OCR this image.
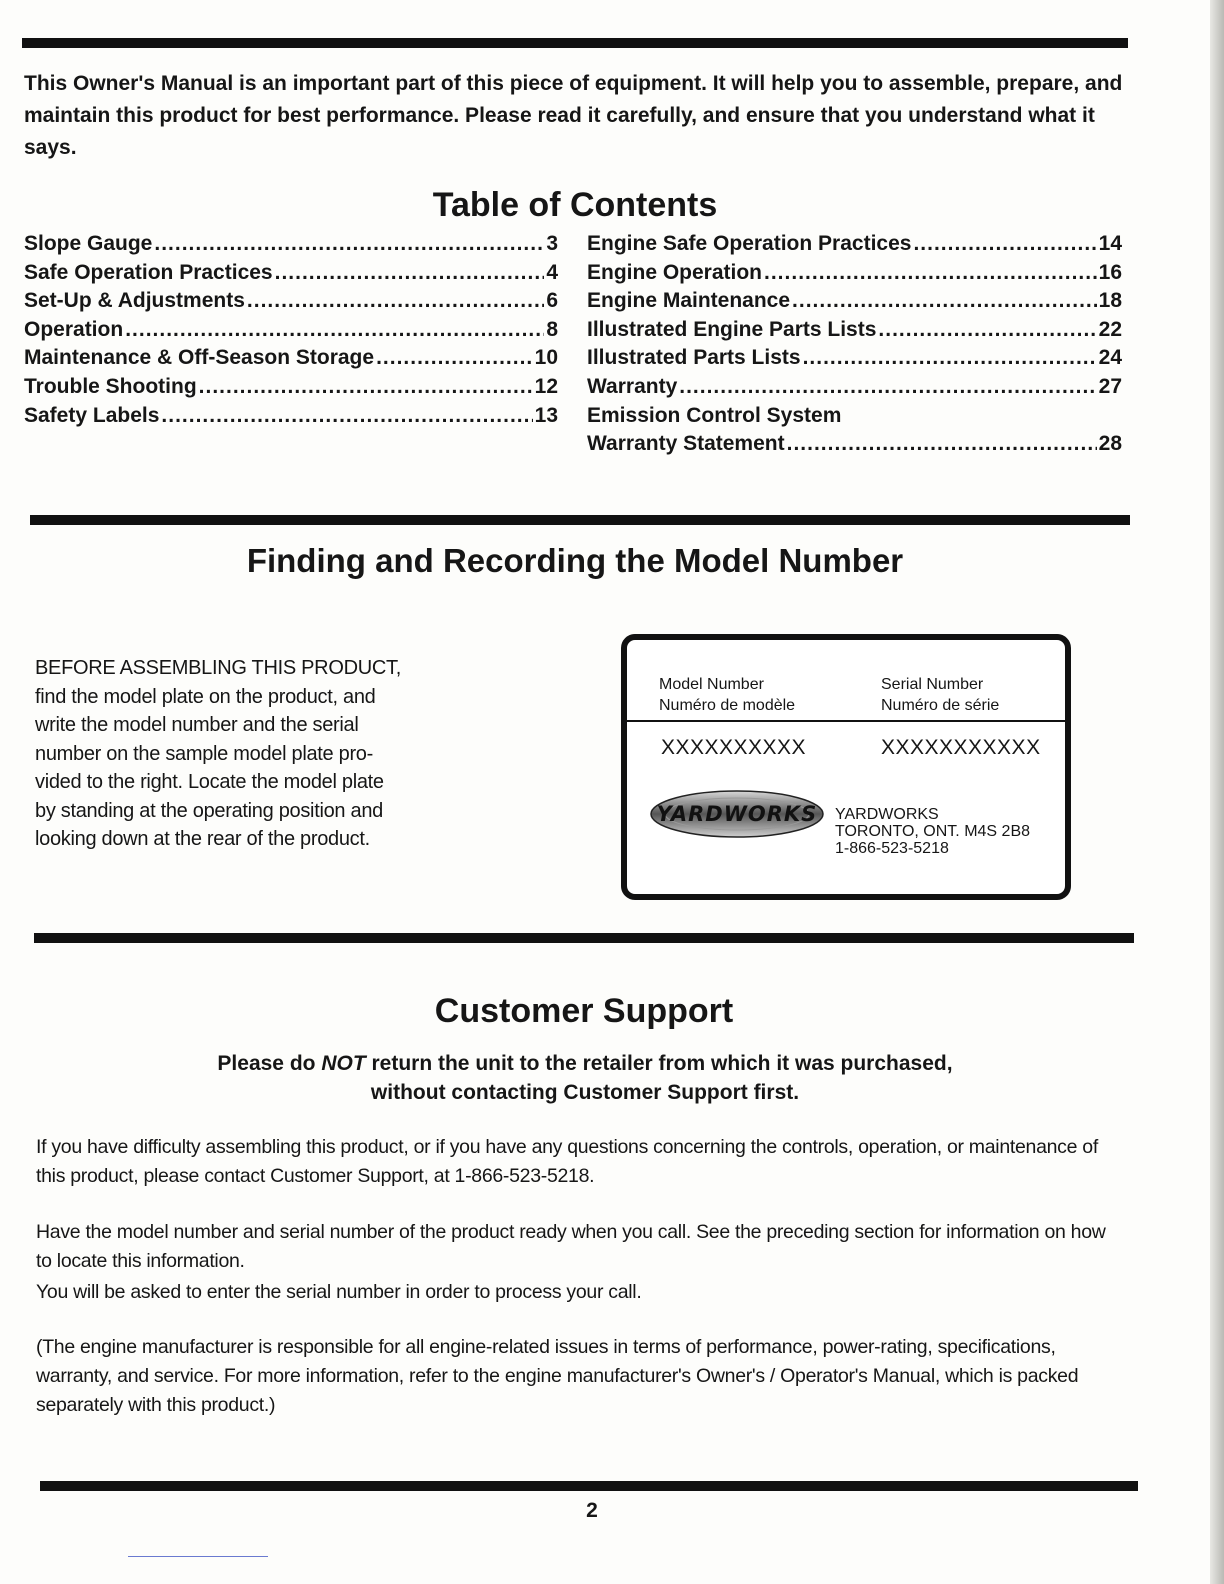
This Owner's Manual is an important part of this piece of equipment. It will help you to assemble, prepare, and maintain this product for best performance. Please read it carefully, and ensure that you understand what it says.

Table of Contents
Slope Gauge .....	3
Safe Operation Practices .....	4
Set-Up & Adjustments .....	6
Operation .....	8
Maintenance & Off-Season Storage .....	10
Trouble Shooting .....	12
Safety Labels .....	13
Engine Safe Operation Practices .....	14
Engine Operation .....	16
Engine Maintenance .....	18
Illustrated Engine Parts Lists .....	22
Illustrated Parts Lists .....	24
Warranty .....	27
Emission Control System
Warranty Statement .....	28
Finding and Recording the Model Number

BEFORE ASSEMBLING THIS PRODUCT,
find the model plate on the product, and
write the model number and the serial
number on the sample model plate pro-
vided to the right. Locate the model plate
by standing at the operating position and
looking down at the rear of the product.

Model Number
Numéro de modèle
Serial Number
Numéro de série
XXXXXXXXXX	XXXXXXXXXXX
YARDWORKS YARDWORKS
TORONTO, ONT. M4S 2B8
1-866-523-5218
Customer Support

Please do NOT return the unit to the retailer from which it was purchased,
without contacting Customer Support first.

If you have difficulty assembling this product, or if you have any questions concerning the controls, operation, or maintenance of this product, please contact Customer Support, at 1-866-523-5218.

Have the model number and serial number of the product ready when you call. See the preceding section for information on how to locate this information.

You will be asked to enter the serial number in order to process your call.

(The engine manufacturer is responsible for all engine-related issues in terms of performance, power-rating, specifications, warranty, and service. For more information, refer to the engine manufacturer's Owner's / Operator's Manual, which is packed separately with this product.)

2
